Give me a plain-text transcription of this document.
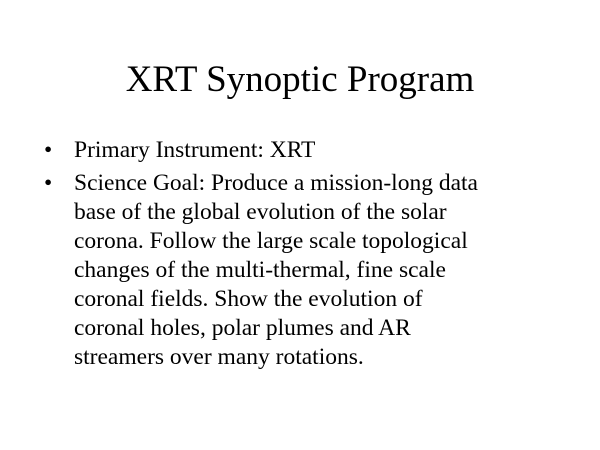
XRT Synoptic Program
• Primary Instrument: XRT
• Science Goal: Produce a mission-long data
base of the global evolution of the solar
corona. Follow the large scale topological
changes of the multi-thermal, fine scale
coronal fields. Show the evolution of
coronal holes, polar plumes and AR
streamers over many rotations.
